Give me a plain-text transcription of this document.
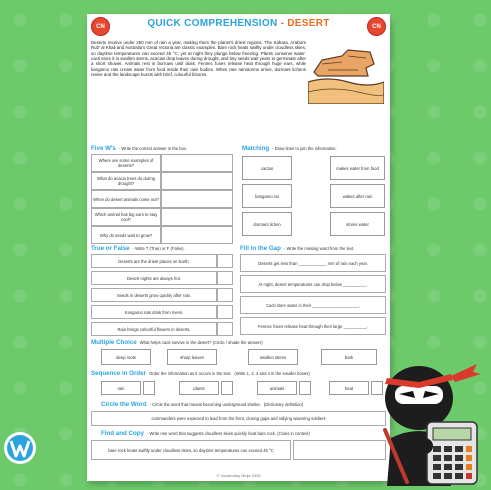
CN	CN
QUICK COMPREHENSION - DESERT
Deserts receive under 250 mm of rain a year, making them the planet's driest regions. The Sahara, Arabia's Rub' al Khali and Australia's Great Victoria are classic examples. Bare rock heats swiftly under cloudless skies, so daytime temperatures can exceed 45 °C, yet at night they plunge below freezing. Plants conserve water: cacti store it in swollen stems, acacias drop leaves during drought, and tiny seeds wait years to germinate after a short shower. Animals rest in burrows until dusk. Fennec foxes release heat through huge ears, while kangaroo rats create water from food inside their own bodies. When rare rainstorms arrive, dormant lichens revive and the landscape bursts with brief, colourful blooms.
Five W's - Write the correct answer in the box.
Where are some examples of deserts?
What do acacia trees do during drought?
When do desert animals come out?
Which animal has big ears to stay cool?
Why do seeds wait to grow?
Matching - Draw lines to join the information.
cactus
kangaroo rat
dormant lichen
makes water from food
wakes after rain
stores water
True or False - Write T (True) or F (False).
Deserts are the driest places on Earth.
Desert nights are always hot.
Seeds in deserts grow quickly after rain.
Kangaroo rats drink from rivers.
Rain brings colourful flowers in deserts.
Fill in the Gap - Write the missing word from the text.
Deserts get less than ____________ mm of rain each year.
At night, desert temperatures can drop below __________.
Cacti store water in their ____________________.
Fennec foxes release heat through their large __________.
Multiple Choice What helps cacti survive in the desert? (Circle / shade the answer)
deep roots	sharp leaves	swollen stems	bark
Sequence in Order Order the information as it occurs in the text. (Write 1, 2, 3 and 4 in the smaller boxes)
rain	plants	animals	heat
Circle the Word - Circle the word that means becoming underground shelter. (Dictionary definition)
commanders were expected to lead from the front, closing gaps and rallying wavering soldiers
Find and Copy - Write one word that suggests cloudless skies quickly heat bare rock. (Clues in context)
bare rock heats swiftly under cloudless skies, so daytime temperatures can exceed 45 °C
© Vocabulary Ninja 2025
